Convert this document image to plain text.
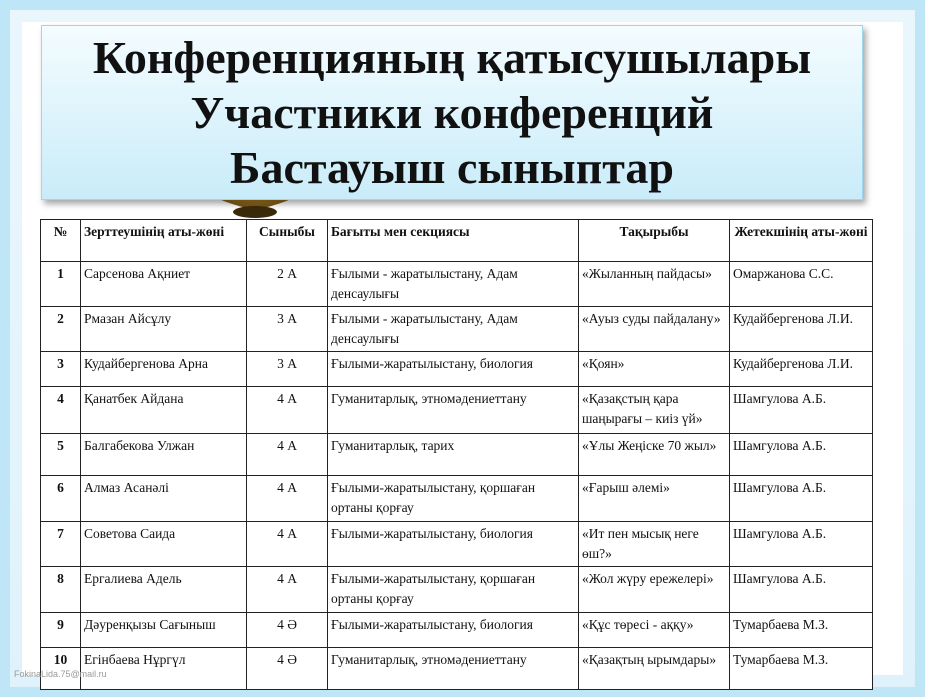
Конференцияның қатысушылары
Участники конференций
Бастауыш сыныптар
№	Зерттеушінің аты-жөні	Сыныбы	Бағыты мен секциясы	Тақырыбы	Жетекшінің аты-жөні
1	Сарсенова Ақниет	2 А	Ғылыми - жаратылыстану, Адам денсаулығы	«Жыланның пайдасы»	Омаржанова С.С.
2	Рмазан Айсұлу	3 А	Ғылыми - жаратылыстану, Адам денсаулығы	«Ауыз суды пайдалану»	Кудайбергенова Л.И.
3	Кудайбергенова Арна	3 А	Ғылыми-жаратылыстану, биология	«Қоян»	Кудайбергенова Л.И.
4	Қанатбек Айдана	4 А	Гуманитарлық, этномәдениеттану	«Қазақстың қара шаңырағы – киіз үй»	Шамгулова А.Б.
5	Балгабекова Улжан	4 А	Гуманитарлық, тарих	«Ұлы Жеңіске 70 жыл»	Шамгулова А.Б.
6	Алмаз Асанәлі	4 А	Ғылыми-жаратылыстану, қоршаған ортаны қорғау	«Ғарыш әлемі»	Шамгулова А.Б.
7	Советова Саида	4 А	Ғылыми-жаратылыстану, биология	«Ит пен мысық неге өш?»	Шамгулова А.Б.
8	Ергалиева Адель	4 А	Ғылыми-жаратылыстану, қоршаған ортаны қорғау	«Жол жүру ережелері»	Шамгулова А.Б.
9	Дәуренқызы Сағыныш	4 Ә	Ғылыми-жаратылыстану, биология	«Құс төресі - аққу»	Тумарбаева М.З.
10	Егінбаева Нұргүл	4 Ә	Гуманитарлық, этномәдениеттану	«Қазақтың ырымдары»	Тумарбаева М.З.
FokinaLida.75@mail.ru
